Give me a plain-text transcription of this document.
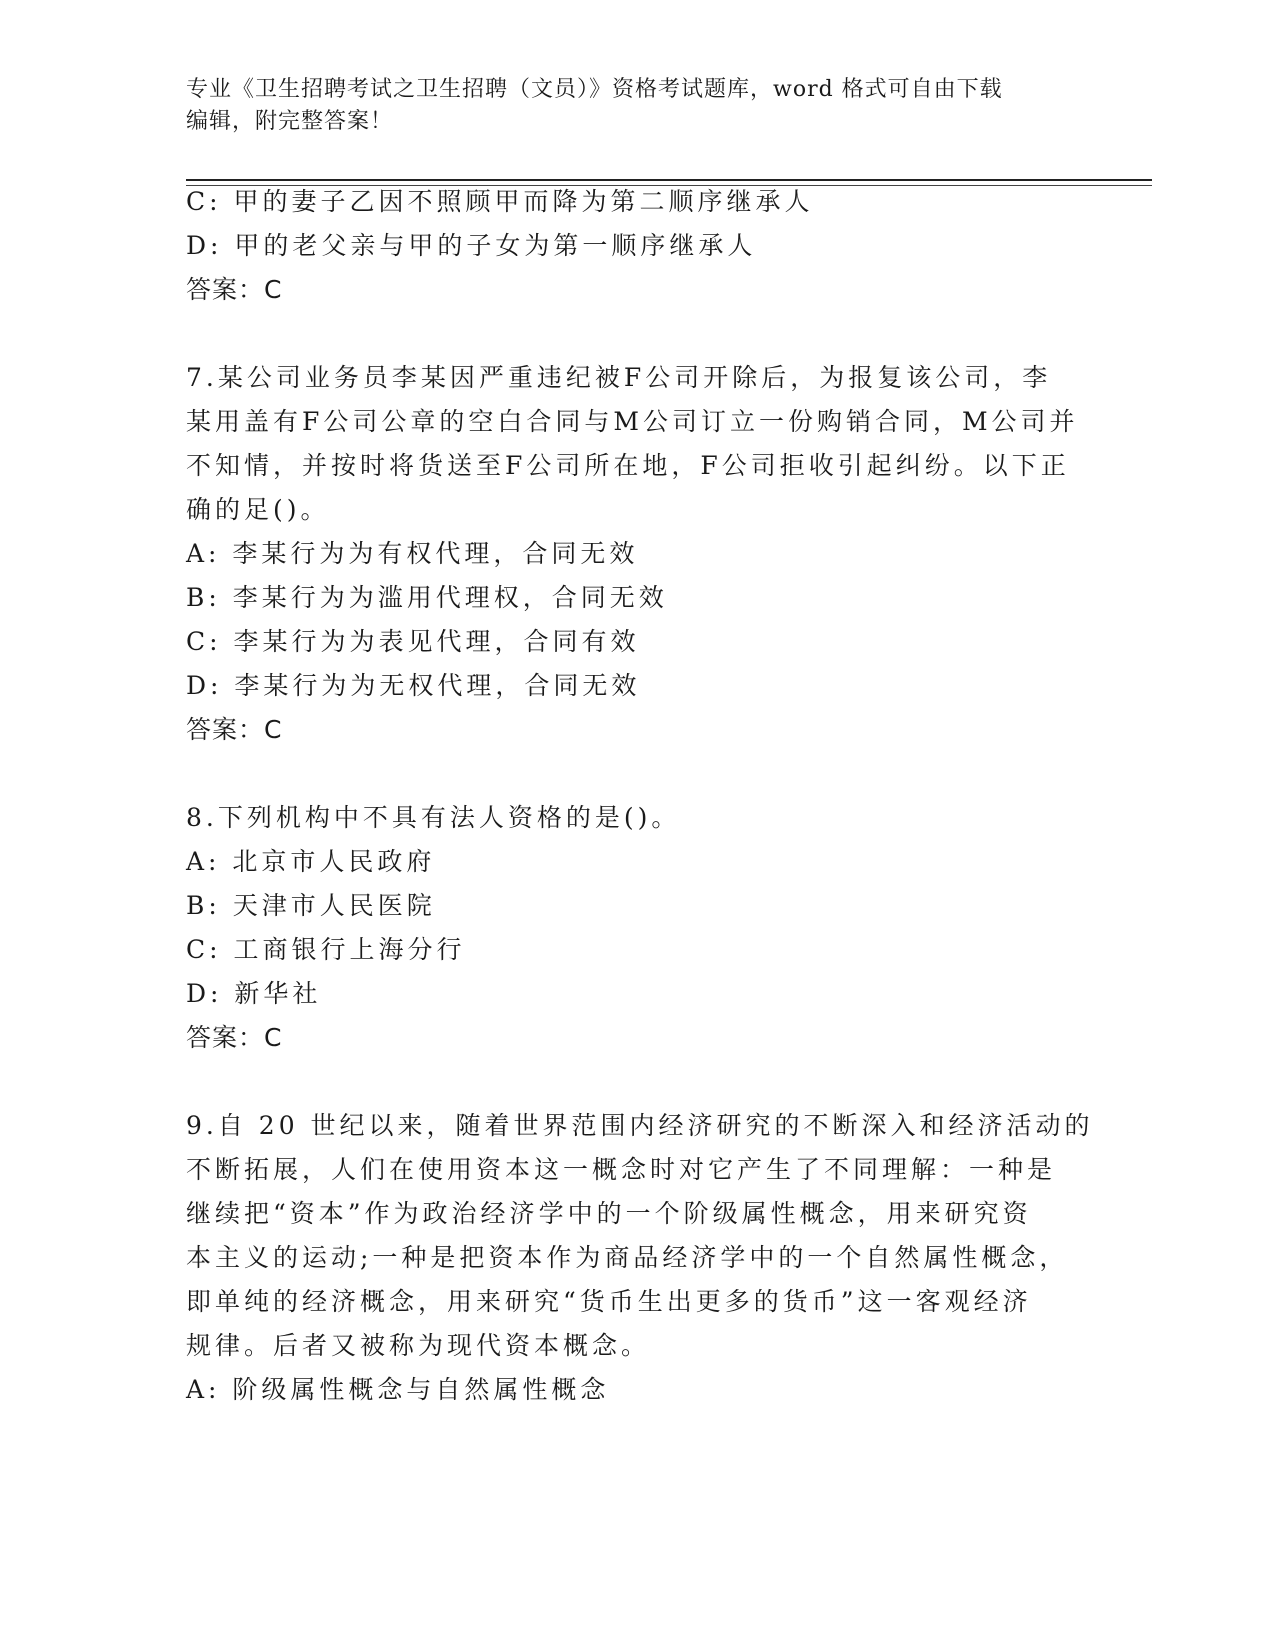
专业《卫生招聘考试之卫生招聘（文员）》资格考试题库，word 格式可自由下载
编辑，附完整答案！
C: 甲的妻子乙因不照顾甲而降为第二顺序继承人
D: 甲的老父亲与甲的子女为第一顺序继承人
答案：C
7.某公司业务员李某因严重违纪被F公司开除后，为报复该公司，李
某用盖有F公司公章的空白合同与M公司订立一份购销合同，M公司并
不知情，并按时将货送至F公司所在地，F公司拒收引起纠纷。以下正
确的足()。
A: 李某行为为有权代理，合同无效
B: 李某行为为滥用代理权，合同无效
C: 李某行为为表见代理，合同有效
D: 李某行为为无权代理，合同无效
答案：C
8.下列机构中不具有法人资格的是()。
A: 北京市人民政府
B: 天津市人民医院
C: 工商银行上海分行
D: 新华社
答案：C
9.自 20 世纪以来，随着世界范围内经济研究的不断深入和经济活动的
不断拓展，人们在使用资本这一概念时对它产生了不同理解：一种是
继续把“资本”作为政治经济学中的一个阶级属性概念，用来研究资
本主义的运动;一种是把资本作为商品经济学中的一个自然属性概念，
即单纯的经济概念，用来研究“货币生出更多的货币”这一客观经济
规律。后者又被称为现代资本概念。
A: 阶级属性概念与自然属性概念
